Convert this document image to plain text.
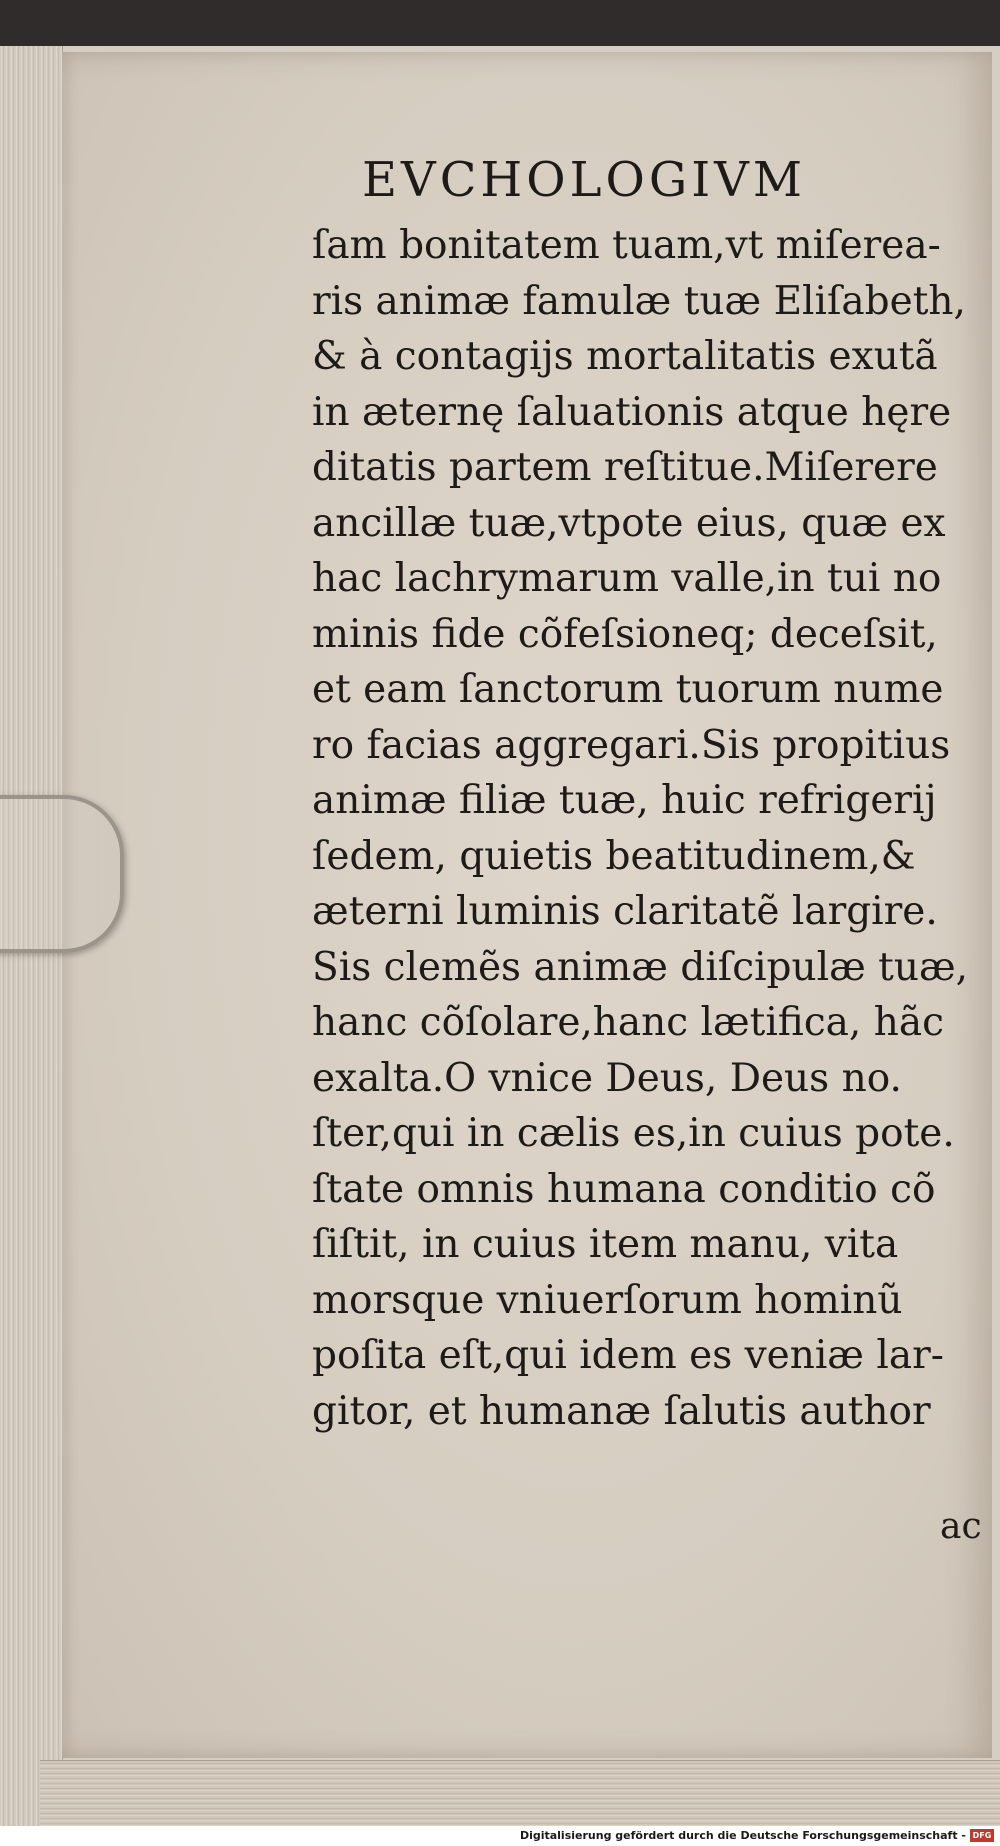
EVCHOLOGIVM
ſam bonitatem tuam,vt miſerea-
ris animæ famulæ tuæ Eliſabeth,
& à contagijs mortalitatis exutã
in æternę ſaluationis atque hęre
ditatis partem reſtitue.Miſerere
ancillæ tuæ,vtpote eius, quæ ex
hac lachrymarum valle,in tui no
minis fide cõfeſsioneq; deceſsit,
et eam ſanctorum tuorum nume
ro facias aggregari.Sis propitius
animæ filiæ tuæ, huic refrigerij
ſedem, quietis beatitudinem,&
æterni luminis claritatẽ largire.
Sis clemẽs animæ diſcipulæ tuæ,
hanc cõſolare,hanc lætifica, hãc
exalta.O vnice Deus, Deus no.
ſter,qui in cælis es,in cuius pote.
ſtate omnis humana conditio cõ
ſiſtit, in cuius item manu, vita
morsque vniuerſorum hominũ
poſita eſt,qui idem es veniæ lar-
gitor, et humanæ ſalutis author
ac
Digitalisierung gefördert durch die Deutsche Forschungsgemeinschaft - DFG
